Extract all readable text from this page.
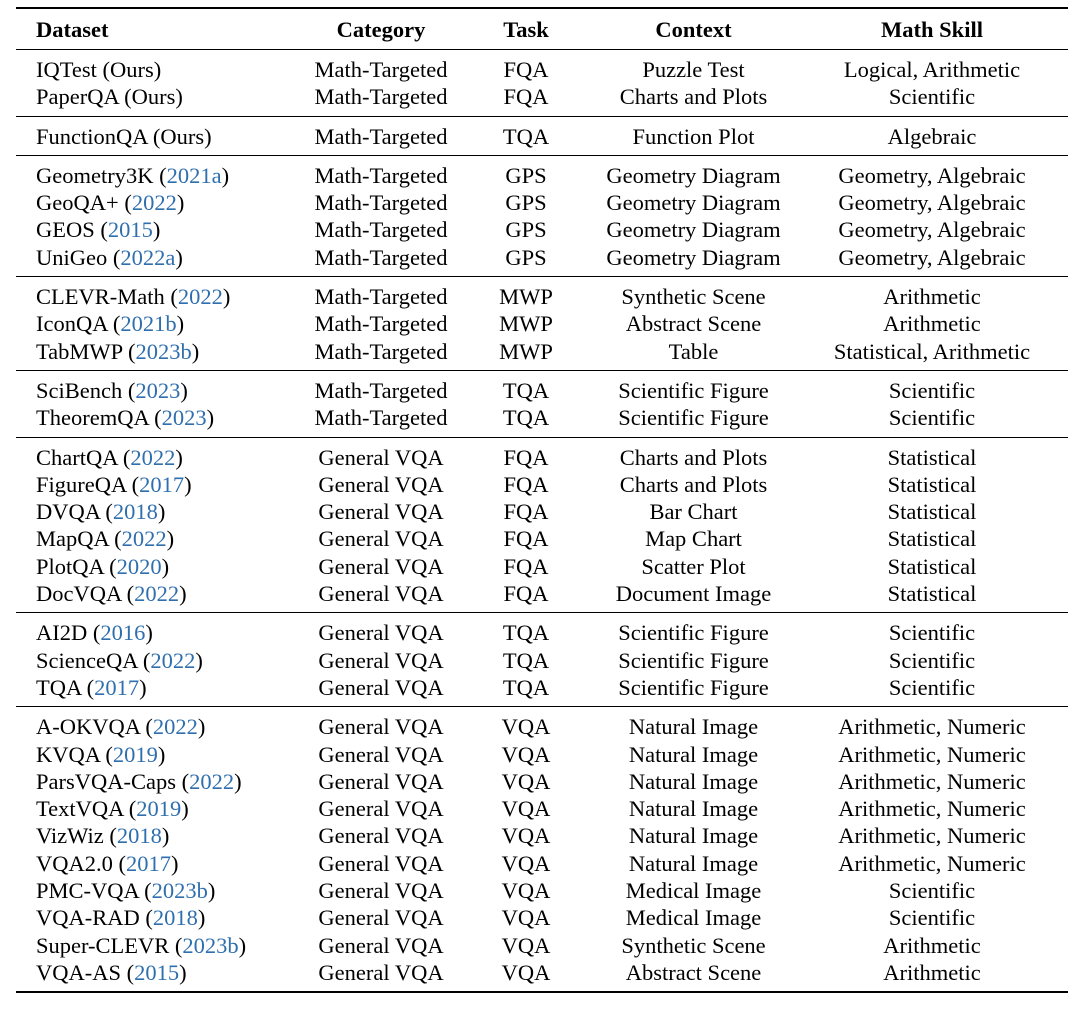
Dataset	Category	Task	Context	Math Skill
IQTest (Ours)	Math-Targeted	FQA	Puzzle Test	Logical, Arithmetic
PaperQA (Ours)	Math-Targeted	FQA	Charts and Plots	Scientific
FunctionQA (Ours)	Math-Targeted	TQA	Function Plot	Algebraic
Geometry3K (2021a)	Math-Targeted	GPS	Geometry Diagram	Geometry, Algebraic
GeoQA+ (2022)	Math-Targeted	GPS	Geometry Diagram	Geometry, Algebraic
GEOS (2015)	Math-Targeted	GPS	Geometry Diagram	Geometry, Algebraic
UniGeo (2022a)	Math-Targeted	GPS	Geometry Diagram	Geometry, Algebraic
CLEVR-Math (2022)	Math-Targeted	MWP	Synthetic Scene	Arithmetic
IconQA (2021b)	Math-Targeted	MWP	Abstract Scene	Arithmetic
TabMWP (2023b)	Math-Targeted	MWP	Table	Statistical, Arithmetic
SciBench (2023)	Math-Targeted	TQA	Scientific Figure	Scientific
TheoremQA (2023)	Math-Targeted	TQA	Scientific Figure	Scientific
ChartQA (2022)	General VQA	FQA	Charts and Plots	Statistical
FigureQA (2017)	General VQA	FQA	Charts and Plots	Statistical
DVQA (2018)	General VQA	FQA	Bar Chart	Statistical
MapQA (2022)	General VQA	FQA	Map Chart	Statistical
PlotQA (2020)	General VQA	FQA	Scatter Plot	Statistical
DocVQA (2022)	General VQA	FQA	Document Image	Statistical
AI2D (2016)	General VQA	TQA	Scientific Figure	Scientific
ScienceQA (2022)	General VQA	TQA	Scientific Figure	Scientific
TQA (2017)	General VQA	TQA	Scientific Figure	Scientific
A-OKVQA (2022)	General VQA	VQA	Natural Image	Arithmetic, Numeric
KVQA (2019)	General VQA	VQA	Natural Image	Arithmetic, Numeric
ParsVQA-Caps (2022)	General VQA	VQA	Natural Image	Arithmetic, Numeric
TextVQA (2019)	General VQA	VQA	Natural Image	Arithmetic, Numeric
VizWiz (2018)	General VQA	VQA	Natural Image	Arithmetic, Numeric
VQA2.0 (2017)	General VQA	VQA	Natural Image	Arithmetic, Numeric
PMC-VQA (2023b)	General VQA	VQA	Medical Image	Scientific
VQA-RAD (2018)	General VQA	VQA	Medical Image	Scientific
Super-CLEVR (2023b)	General VQA	VQA	Synthetic Scene	Arithmetic
VQA-AS (2015)	General VQA	VQA	Abstract Scene	Arithmetic
